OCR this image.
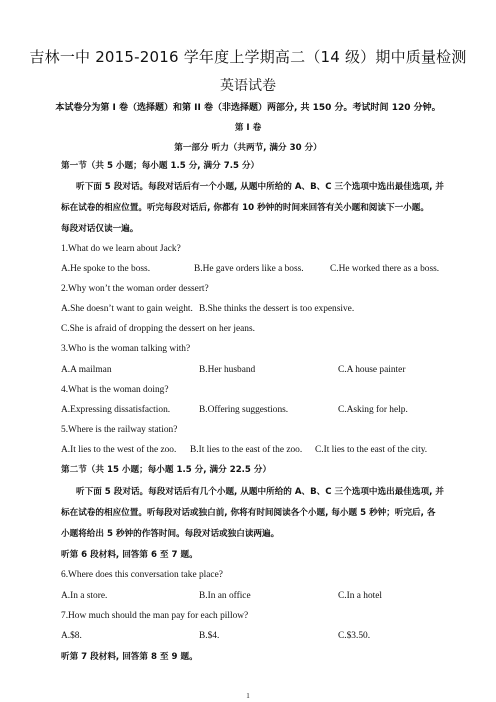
吉林一中 2015-2016 学年度上学期高二（14 级）期中质量检测
英语试卷
本试卷分为第 I 卷（选择题）和第 II 卷（非选择题）两部分, 共 150 分。考试时间 120 分钟。
第 I 卷
第一部分 听力（共两节, 满分 30 分）
第一节（共 5 小题；每小题 1.5 分, 满分 7.5 分）
听下面 5 段对话。每段对话后有一个小题, 从题中所给的 A、B、C 三个选项中选出最佳选项, 并
标在试卷的相应位置。听完每段对话后, 你都有 10 秒钟的时间来回答有关小题和阅读下一小题。
每段对话仅读一遍。
1.What do we learn about Jack?
A.He spoke to the boss.	B.He gave orders like a boss.	C.He worked there as a boss.
2.Why won’t the woman order dessert?
A.She doesn’t want to gain weight. B.She thinks the dessert is too expensive.
C.She is afraid of dropping the dessert on her jeans.
3.Who is the woman talking with?
A.A mailman	B.Her husband	C.A house painter
4.What is the woman doing?
A.Expressing dissatisfaction.	B.Offering suggestions.	C.Asking for help.
5.Where is the railway station?
A.It lies to the west of the zoo. B.It lies to the east of the zoo. C.It lies to the east of the city.
第二节（共 15 小题；每小题 1.5 分, 满分 22.5 分）
听下面 5 段对话。每段对话后有几个小题, 从题中所给的 A、B、C 三个选项中选出最佳选项, 并
标在试卷的相应位置。听每段对话或独白前, 你将有时间阅读各个小题, 每小题 5 秒钟；听完后, 各
小题将给出 5 秒钟的作答时间。每段对话或独白读两遍。
听第 6 段材料, 回答第 6 至 7 题。
6.Where does this conversation take place?
A.In a store.	B.In an office	C.In a hotel
7.How much should the man pay for each pillow?
A.$8.	B.$4.	C.$3.50.
听第 7 段材料, 回答第 8 至 9 题。
1
